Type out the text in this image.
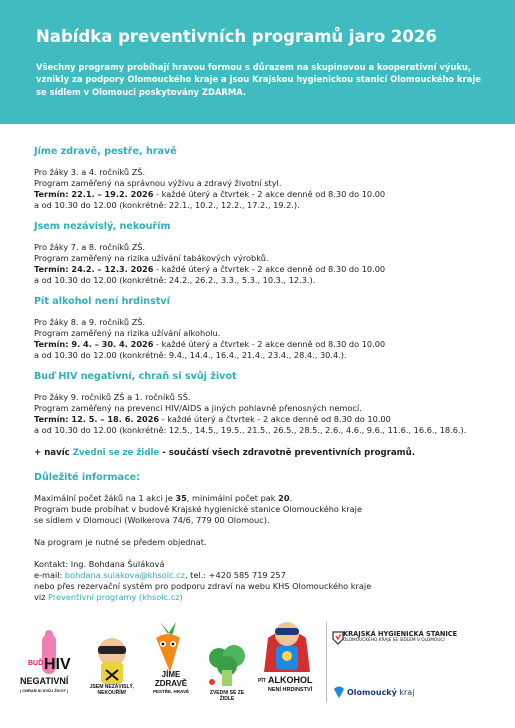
Nabídka preventivních programů jaro 2026

Všechny programy probíhají hravou formou s důrazem na skupinovou a kooperativní výuku, vznikly za podpory Olomouckého kraje a jsou Krajskou hygienickou stanicí Olomouckého kraje se sídlem v Olomouci poskytovány ZDARMA.

Jíme zdravě, pestře, hravě
Pro žáky 3. a 4. ročníků ZŠ.
Program zaměřený na správnou výživu a zdravý životní styl.
Termín: 22.1. – 19.2. 2026 - každé úterý a čtvrtek - 2 akce denně od 8.30 do 10.00
a od 10.30 do 12.00 (konkrétně: 22.1., 10.2., 12.2., 17.2., 19.2.).
Jsem nezávislý, nekouřím
Pro žáky 7. a 8. ročníků ZŠ.
Program zaměřený na rizika užívání tabákových výrobků.
Termín: 24.2. – 12.3. 2026 - každé úterý a čtvrtek - 2 akce denně od 8.30 do 10.00
a od 10.30 do 12.00 (konkrétně: 24.2., 26.2., 3.3., 5.3., 10.3., 12.3.).
Pít alkohol není hrdinství
Pro žáky 8. a 9. ročníků ZŠ.
Program zaměřený na rizika užívání alkoholu.
Termín: 9. 4. – 30. 4. 2026 - každé úterý a čtvrtek - 2 akce denně od 8.30 do 10.00
a od 10.30 do 12.00 (konkrétně: 9.4., 14.4., 16.4., 21.4., 23.4., 28.4., 30.4.).
Buď HIV negativní, chraň si svůj život
Pro žáky 9. ročníků ZŠ a 1. ročníků SŠ.
Program zaměřený na prevenci HIV/AIDS a jiných pohlavně přenosných nemocí.
Termín: 12. 5. – 18. 6. 2026 - každé úterý a čtvrtek - 2 akce denně od 8.30 do 10.00
a od 10.30 do 12.00 (konkrétně: 12.5., 14.5., 19.5., 21.5., 26.5., 28.5., 2.6., 4.6., 9.6., 11.6., 16.6., 18.6.).
+ navíc Zvedni se ze židle - součástí všech zdravotně preventivních programů.
Důležité informace:
Maximální počet žáků na 1 akci je 35, minimální počet pak 20.
Program bude probíhat v budově Krajské hygienické stanice Olomouckého kraje
se sídlem v Olomouci (Wolkerova 74/6, 779 00 Olomouc).
Na program je nutné se předem objednat.
Kontakt: Ing. Bohdana Šuláková
e-mail: bohdana.sulakova@khsolc.cz, tel.: +420 585 719 257
nebo přes rezervační systém pro podporu zdraví na webu KHS Olomouckého kraje
viz Preventivní programy (khsolc.cz)
BUĎ HIV
NEGATIVNÍ
| CHRAŇ SI SVŮJ ŽIVOT |
JSEM NEZÁVISLÝ, NEKOUŘÍM!
JÍME ZDRAVĚ
PESTŘE, HRAVĚ	ZVEDNI SE ZE ŽIDLE
PÍT ALKOHOL
NENÍ HRDINSTVÍ
KRAJSKÁ HYGIENICKÁ STANICE
OLOMOUCKÉHO KRAJE SE SÍDLEM V OLOMOUCI
Olomoucký kraj
